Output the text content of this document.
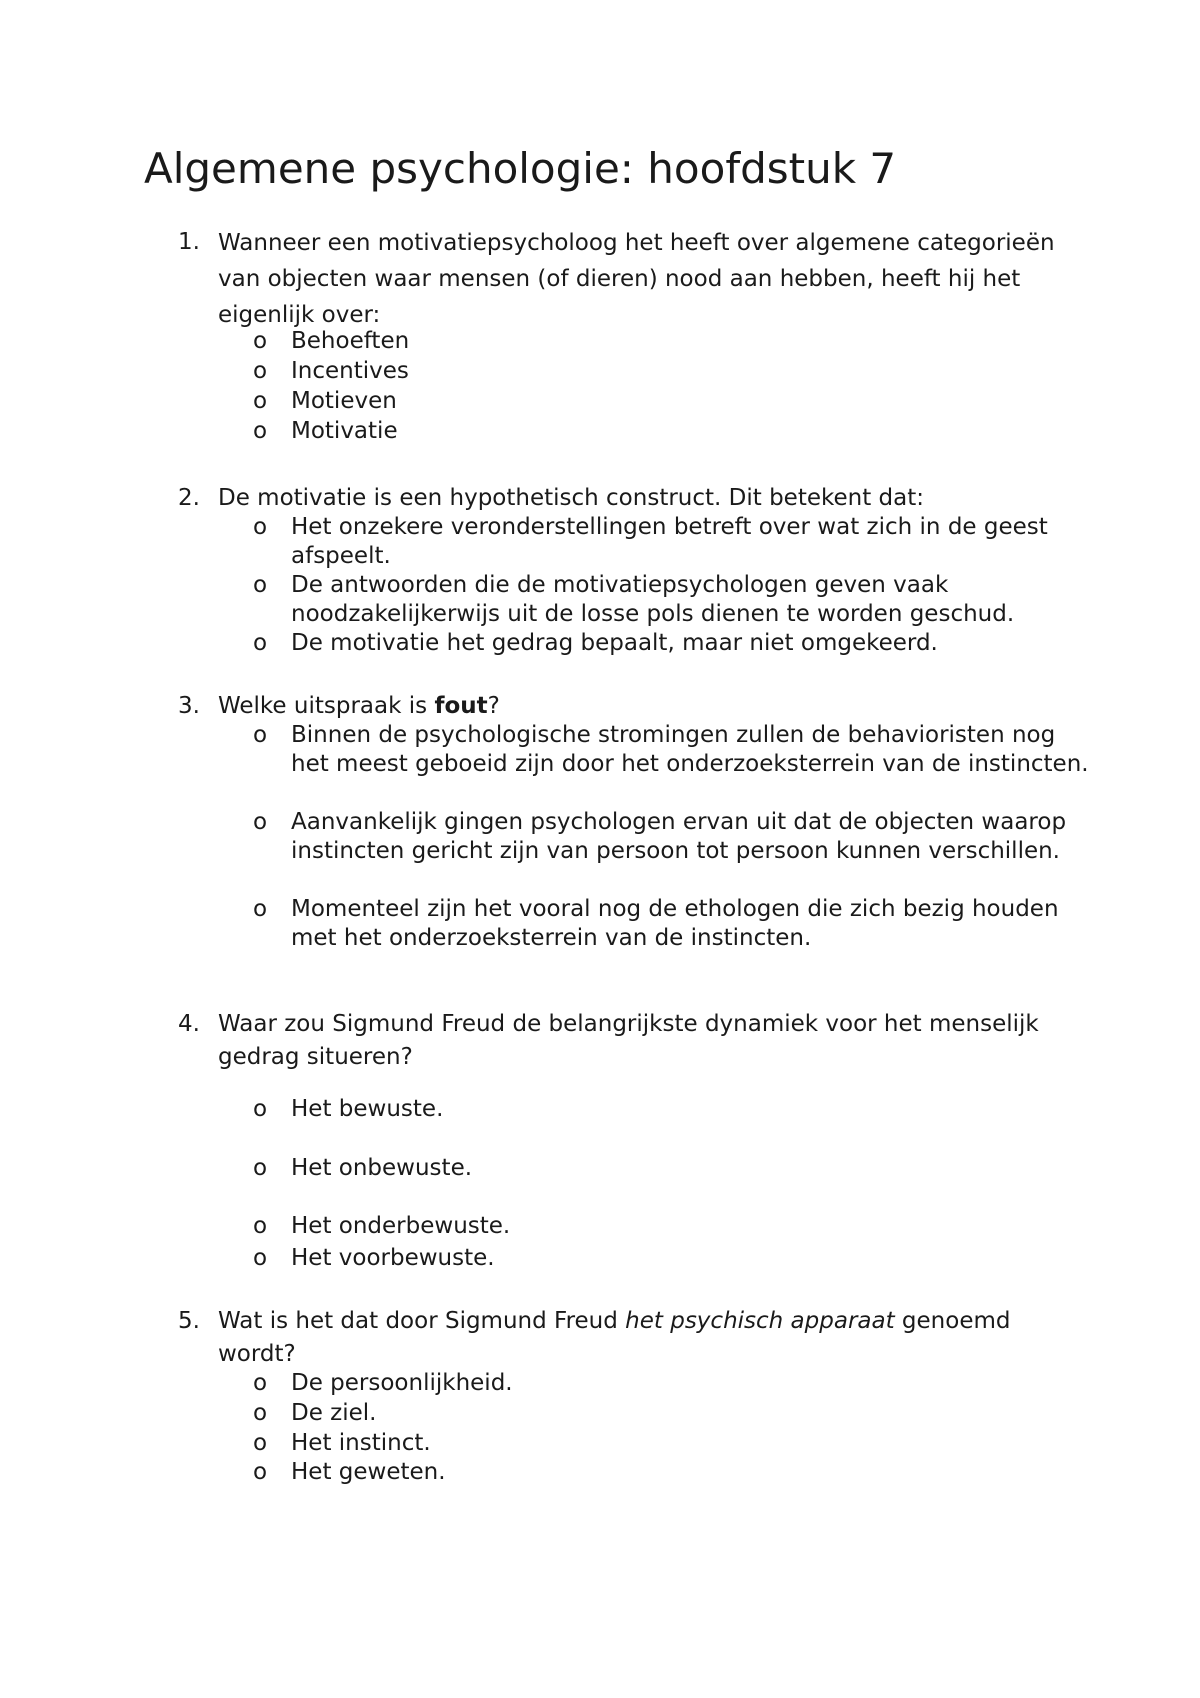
Algemene psychologie: hoofdstuk 7
1. Wanneer een motivatiepsycholoog het heeft over algemene categorieën van objecten waar mensen (of dieren) nood aan hebben, heeft hij het eigenlijk over:
o Behoeften
o Incentives
o Motieven
o Motivatie
2. De motivatie is een hypothetisch construct. Dit betekent dat:
o Het onzekere veronderstellingen betreft over wat zich in de geest afspeelt.
o De antwoorden die de motivatiepsychologen geven vaak noodzakelijkerwijs uit de losse pols dienen te worden geschud.
o De motivatie het gedrag bepaalt, maar niet omgekeerd.
3. Welke uitspraak is fout?
o Binnen de psychologische stromingen zullen de behavioristen nog het meest geboeid zijn door het onderzoeksterrein van de instincten.
o Aanvankelijk gingen psychologen ervan uit dat de objecten waarop instincten gericht zijn van persoon tot persoon kunnen verschillen.
o Momenteel zijn het vooral nog de ethologen die zich bezig houden met het onderzoeksterrein van de instincten.
4. Waar zou Sigmund Freud de belangrijkste dynamiek voor het menselijk gedrag situeren?
o Het bewuste.
o Het onbewuste.
o Het onderbewuste.
o Het voorbewuste.
5. Wat is het dat door Sigmund Freud het psychisch apparaat genoemd wordt?
o De persoonlijkheid.
o De ziel.
o Het instinct.
o Het geweten.
